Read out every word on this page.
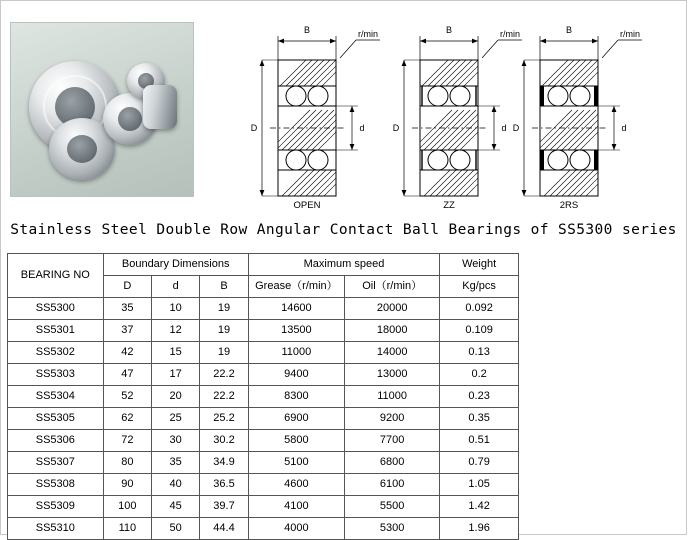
B	r/min
D	d
OPEN
B	r/min
D	d
ZZ
B	r/min
D	d
2RS
Stainless Steel Double Row Angular Contact Ball Bearings of SS5300 series
BEARING NO	Boundary Dimensions			Maximum speed		Weight
	D	d	B	Grease（r/min）	Oil（r/min）	Kg/pcs
SS5300	35	10	19	14600	20000	0.092
SS5301	37	12	19	13500	18000	0.109
SS5302	42	15	19	11000	14000	0.13
SS5303	47	17	22.2	9400	13000	0.2
SS5304	52	20	22.2	8300	11000	0.23
SS5305	62	25	25.2	6900	9200	0.35
SS5306	72	30	30.2	5800	7700	0.51
SS5307	80	35	34.9	5100	6800	0.79
SS5308	90	40	36.5	4600	6100	1.05
SS5309	100	45	39.7	4100	5500	1.42
SS5310	110	50	44.4	4000	5300	1.96
